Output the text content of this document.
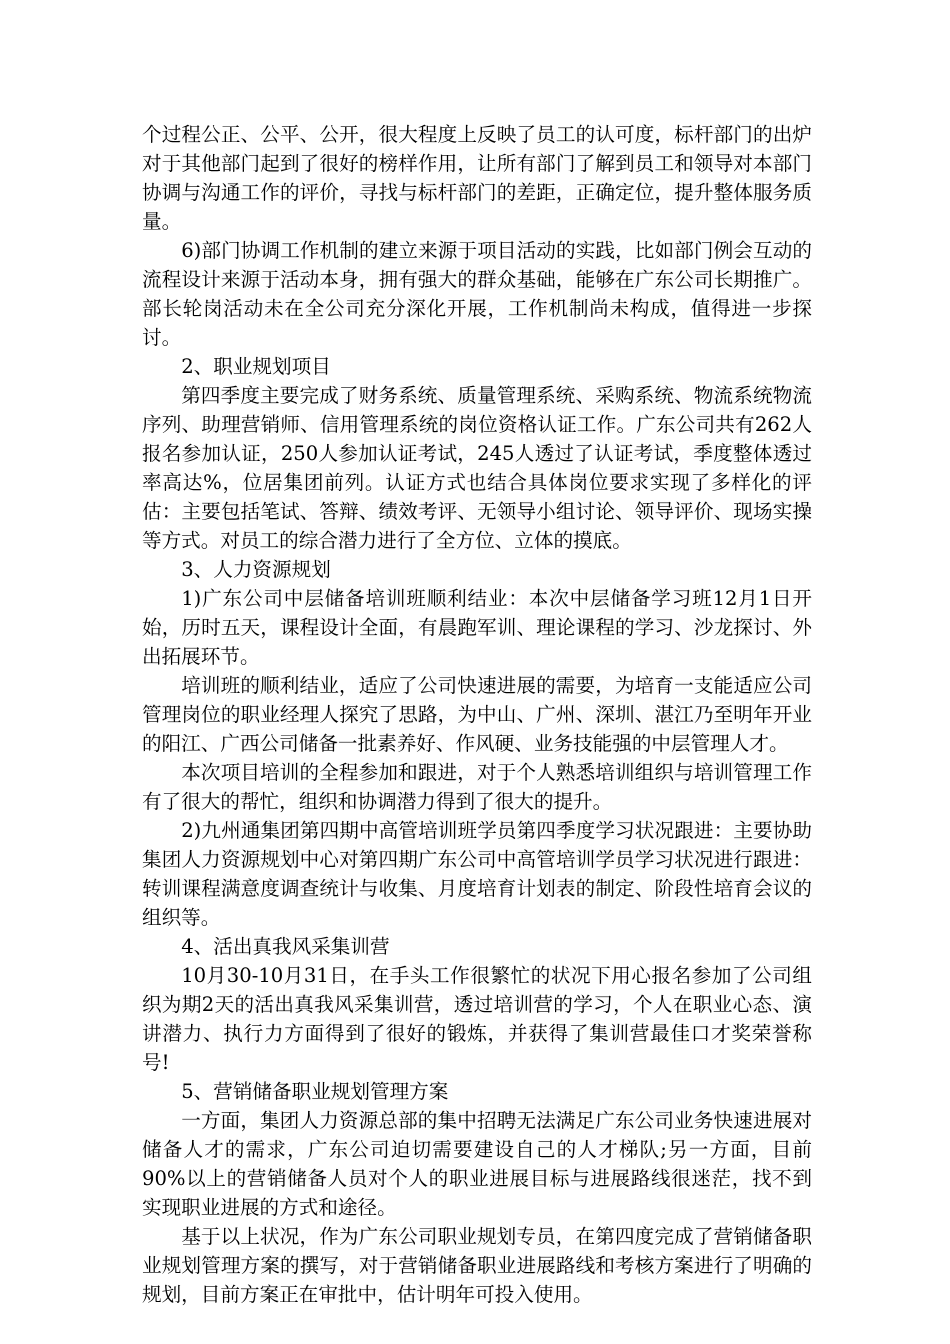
个过程公正、公平、公开，很大程度上反映了员工的认可度，标杆部门的出炉对于其他部门起到了很好的榜样作用，让所有部门了解到员工和领导对本部门协调与沟通工作的评价，寻找与标杆部门的差距，正确定位，提升整体服务质量。

6)部门协调工作机制的建立来源于项目活动的实践，比如部门例会互动的流程设计来源于活动本身，拥有强大的群众基础，能够在广东公司长期推广。部长轮岗活动未在全公司充分深化开展，工作机制尚未构成，值得进一步探讨。

2、职业规划项目

第四季度主要完成了财务系统、质量管理系统、采购系统、物流系统物流序列、助理营销师、信用管理系统的岗位资格认证工作。广东公司共有262人报名参加认证，250人参加认证考试，245人透过了认证考试，季度整体透过率高达%，位居集团前列。认证方式也结合具体岗位要求实现了多样化的评估：主要包括笔试、答辩、绩效考评、无领导小组讨论、领导评价、现场实操等方式。对员工的综合潜力进行了全方位、立体的摸底。

3、人力资源规划

1)广东公司中层储备培训班顺利结业：本次中层储备学习班12月1日开始，历时五天，课程设计全面，有晨跑军训、理论课程的学习、沙龙探讨、外出拓展环节。

培训班的顺利结业，适应了公司快速进展的需要，为培育一支能适应公司管理岗位的职业经理人探究了思路，为中山、广州、深圳、湛江乃至明年开业的阳江、广西公司储备一批素养好、作风硬、业务技能强的中层管理人才。

本次项目培训的全程参加和跟进，对于个人熟悉培训组织与培训管理工作有了很大的帮忙，组织和协调潜力得到了很大的提升。

2)九州通集团第四期中高管培训班学员第四季度学习状况跟进：主要协助集团人力资源规划中心对第四期广东公司中高管培训学员学习状况进行跟进：转训课程满意度调查统计与收集、月度培育计划表的制定、阶段性培育会议的组织等。

4、活出真我风采集训营

10月30-10月31日，在手头工作很繁忙的状况下用心报名参加了公司组织为期2天的活出真我风采集训营，透过培训营的学习，个人在职业心态、演讲潜力、执行力方面得到了很好的锻炼，并获得了集训营最佳口才奖荣誉称号!

5、营销储备职业规划管理方案

一方面，集团人力资源总部的集中招聘无法满足广东公司业务快速进展对储备人才的需求，广东公司迫切需要建设自己的人才梯队;另一方面，目前90%以上的营销储备人员对个人的职业进展目标与进展路线很迷茫，找不到实现职业进展的方式和途径。

基于以上状况，作为广东公司职业规划专员，在第四度完成了营销储备职业规划管理方案的撰写，对于营销储备职业进展路线和考核方案进行了明确的规划，目前方案正在审批中，估计明年可投入使用。
